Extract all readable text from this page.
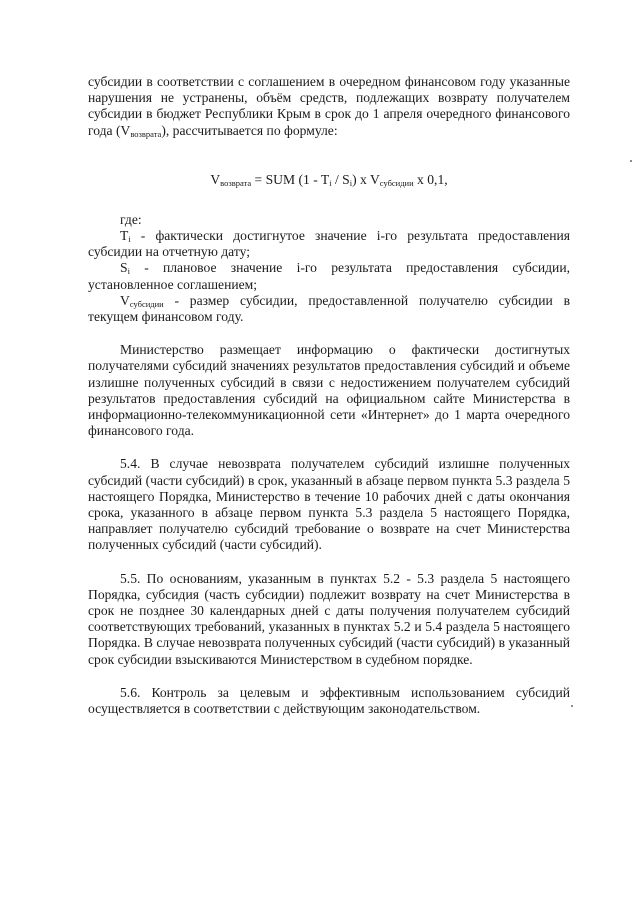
субсидии в соответствии с соглашением в очередном финансовом году указанные нарушения не устранены, объём средств, подлежащих возврату получателем субсидии в бюджет Республики Крым в срок до 1 апреля очередного финансового года $(V_{возврата})$, рассчитывается по формуле:

$V_{возврата}$ = SUM $(1 - T_i / S_i)$ x $V_{субсидии}$ x 0,1,

где:

$T_i$ - фактически достигнутое значение i-го результата предоставления субсидии на отчетную дату;

$S_i$ - плановое значение i-го результата предоставления субсидии, установленное соглашением;

$V_{субсидии}$ - размер субсидии, предоставленной получателю субсидии в текущем финансовом году.

Министерство размещает информацию о фактически достигнутых получателями субсидий значениях результатов предоставления субсидий и объеме излишне полученных субсидий в связи с недостижением получателем субсидий результатов предоставления субсидий на официальном сайте Министерства в информационно-телекоммуникационной сети «Интернет» до 1 марта очередного финансового года.

5.4. В случае невозврата получателем субсидий излишне полученных субсидий (части субсидий) в срок, указанный в абзаце первом пункта 5.3 раздела 5 настоящего Порядка, Министерство в течение 10 рабочих дней с даты окончания срока, указанного в абзаце первом пункта 5.3 раздела 5 настоящего Порядка, направляет получателю субсидий требование о возврате на счет Министерства полученных субсидий (части субсидий).

5.5. По основаниям, указанным в пунктах 5.2 - 5.3 раздела 5 настоящего Порядка, субсидия (часть субсидии) подлежит возврату на счет Министерства в срок не позднее 30 календарных дней с даты получения получателем субсидий соответствующих требований, указанных в пунктах 5.2 и 5.4 раздела 5 настоящего Порядка. В случае невозврата полученных субсидий (части субсидий) в указанный срок субсидии взыскиваются Министерством в судебном порядке.

5.6. Контроль за целевым и эффективным использованием субсидий осуществляется в соответствии с действующим законодательством.
